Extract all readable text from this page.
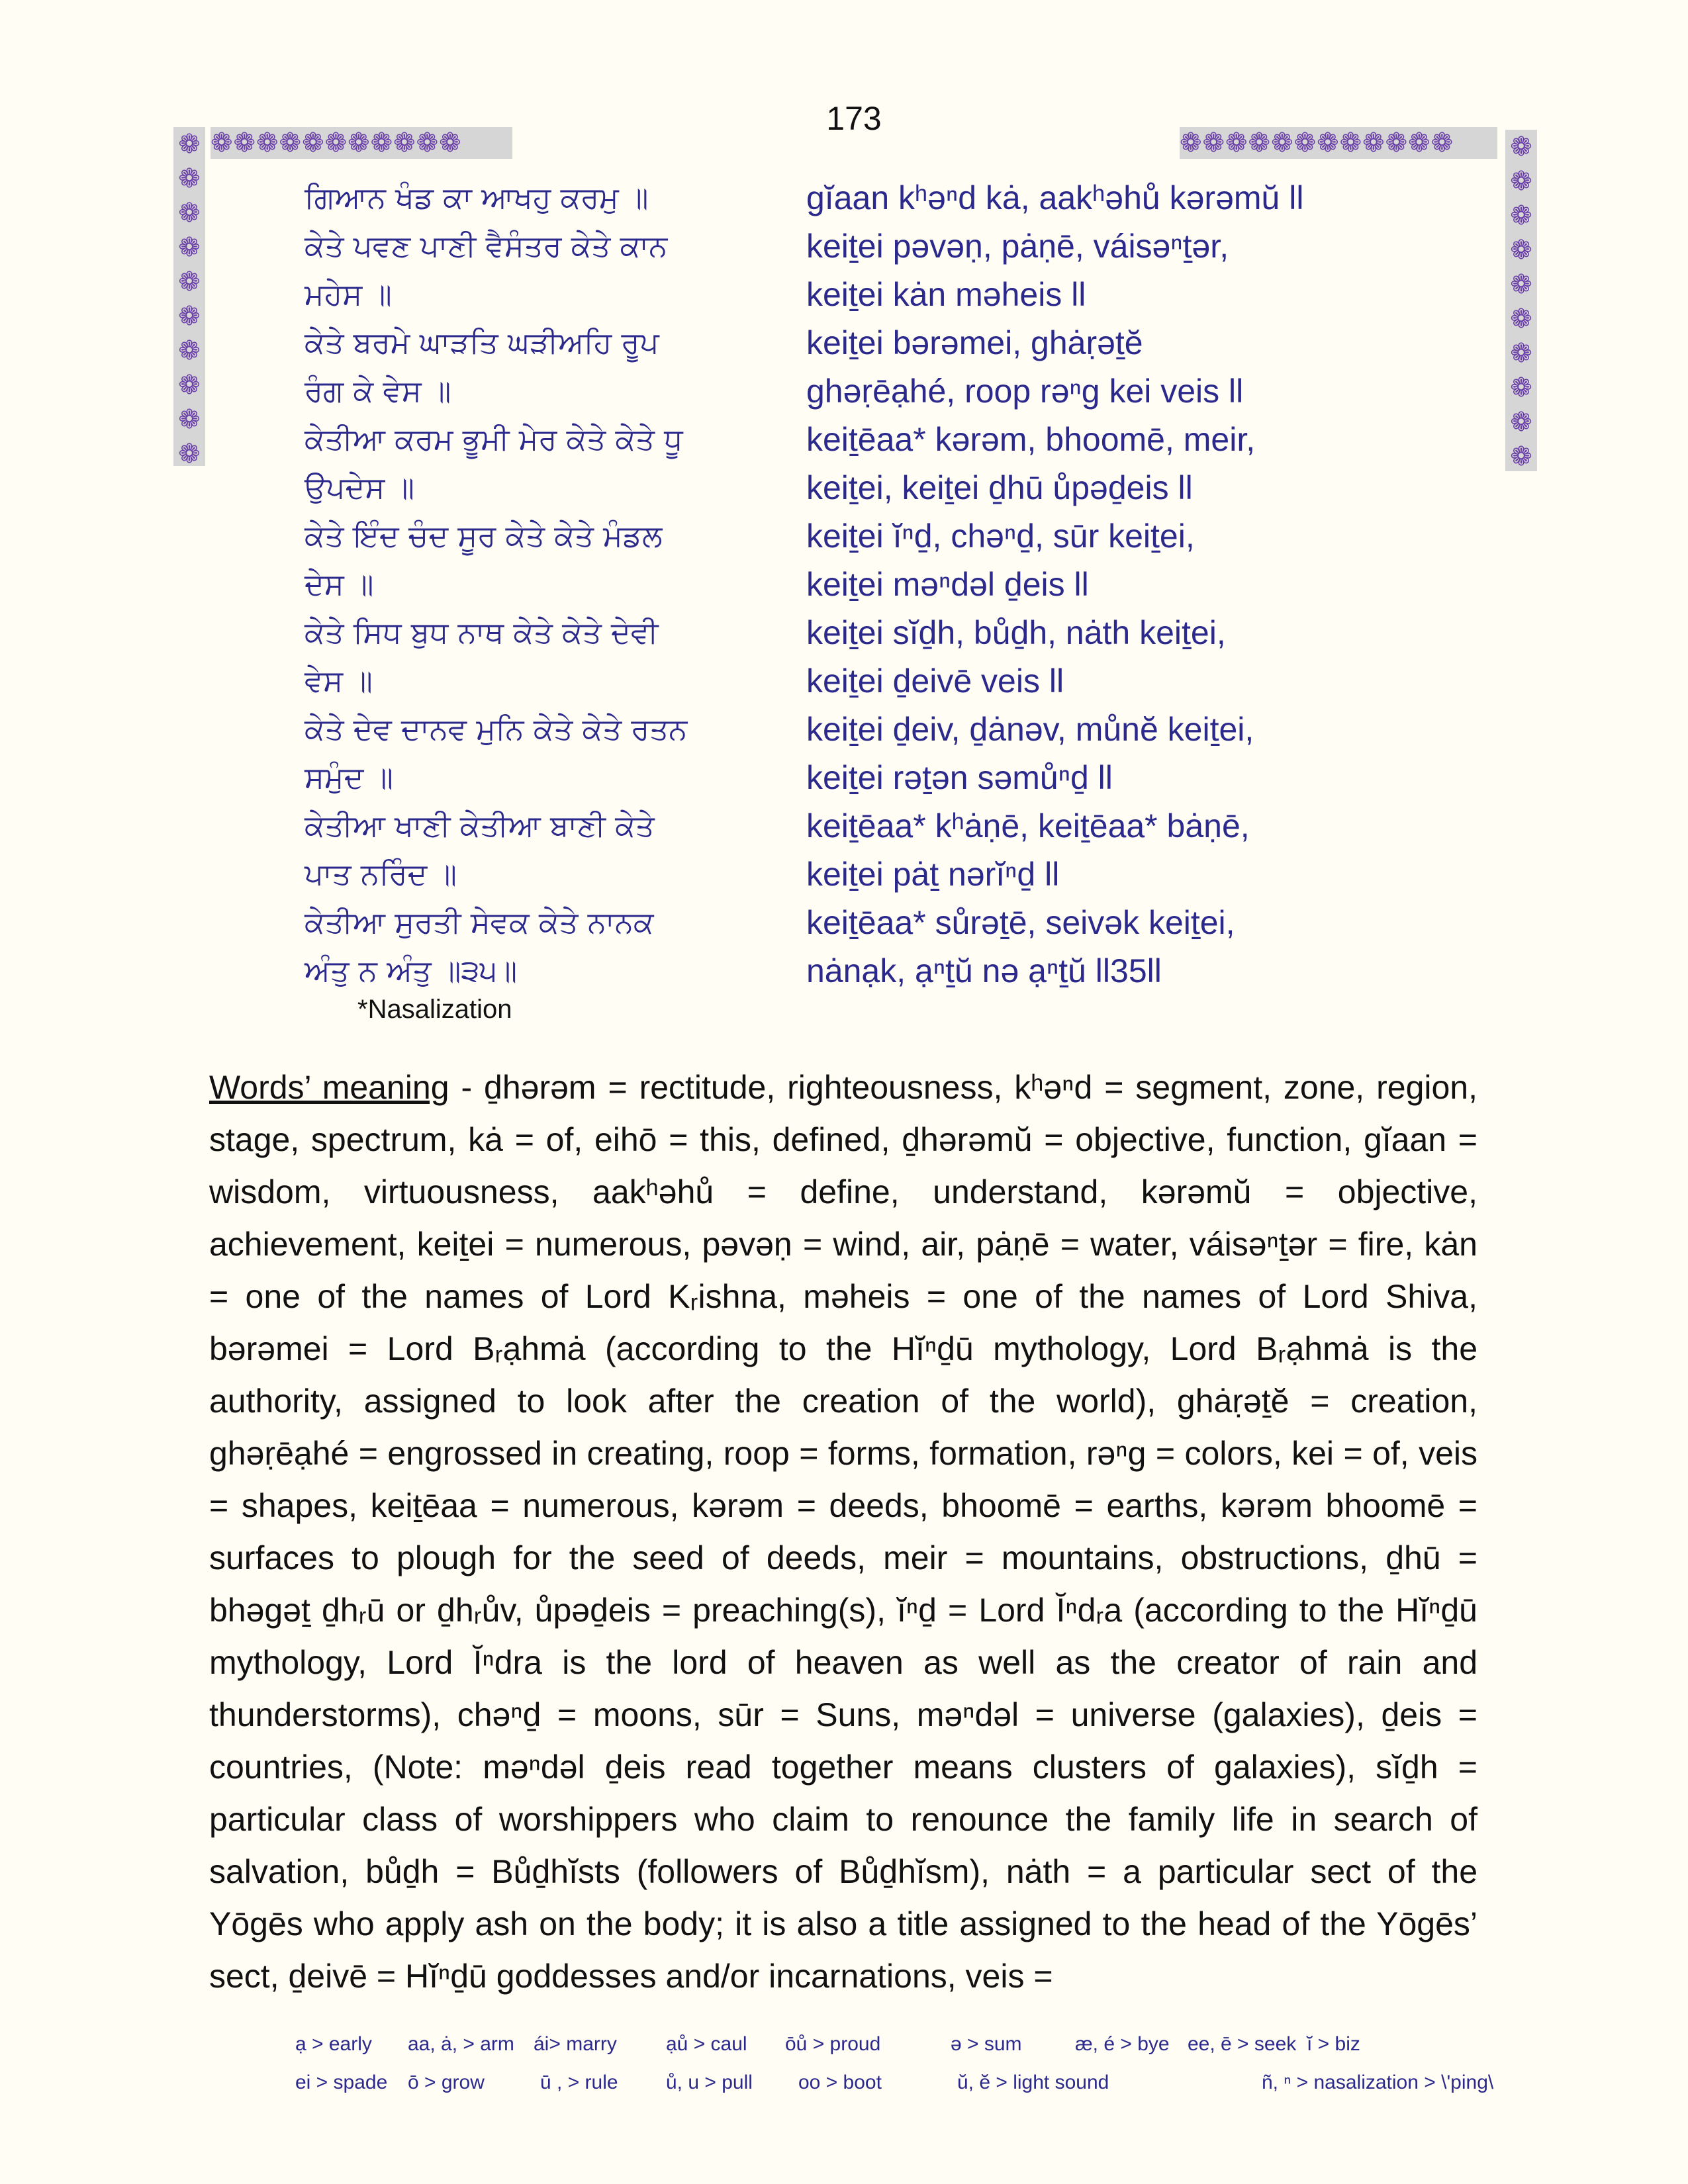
173
❁❁❁❁❁❁❁❁❁❁❁
❁
❁
❁
❁
❁
❁
❁
❁
❁
❁
❁❁❁❁❁❁❁❁❁❁❁❁	❁
❁
❁
❁
❁
❁
❁
❁
❁
❁
ਗਿਆਨ ਖੰਡ ਕਾ ਆਖਹੁ ਕਰਮੁ ॥	gĭaan kʰəⁿd kȧ, aakʰəhů kərəmŭ ll
ਕੇਤੇ ਪਵਣ ਪਾਣੀ ਵੈਸੰਤਰ ਕੇਤੇ ਕਾਨ	keiṯei pəvəṇ, pȧṇē, váisəⁿṯər,
ਮਹੇਸ ॥	keiṯei kȧn məheis ll
ਕੇਤੇ ਬਰਮੇ ਘਾੜਤਿ ਘੜੀਅਹਿ ਰੂਪ	keiṯei bərəmei, ghȧṛəṯĕ
ਰੰਗ ਕੇ ਵੇਸ ॥	ghəṛēạhé, roop rəⁿg kei veis ll
ਕੇਤੀਆ ਕਰਮ ਭੂਮੀ ਮੇਰ ਕੇਤੇ ਕੇਤੇ ਧੂ	keiṯēaa* kərəm, bhoomē, meir,
ਉਪਦੇਸ ॥	keiṯei, keiṯei ḏhū ůpəḏeis ll
ਕੇਤੇ ਇੰਦ ਚੰਦ ਸੂਰ ਕੇਤੇ ਕੇਤੇ ਮੰਡਲ	keiṯei ĭⁿḏ, chəⁿḏ, sūr keiṯei,
ਦੇਸ ॥	keiṯei məⁿdəl ḏeis ll
ਕੇਤੇ ਸਿਧ ਬੁਧ ਨਾਥ ਕੇਤੇ ਕੇਤੇ ਦੇਵੀ	keiṯei sĭḏh, bůḏh, nȧth keiṯei,
ਵੇਸ ॥	keiṯei ḏeivē veis ll
ਕੇਤੇ ਦੇਵ ਦਾਨਵ ਮੁਨਿ ਕੇਤੇ ਕੇਤੇ ਰਤਨ	keiṯei ḏeiv, ḏȧnəv, můnĕ keiṯei,
ਸਮੁੰਦ ॥	keiṯei rəṯən səmůⁿḏ ll
ਕੇਤੀਆ ਖਾਣੀ ਕੇਤੀਆ ਬਾਣੀ ਕੇਤੇ	keiṯēaa* kʰȧṇē, keiṯēaa* bȧṇē,
ਪਾਤ ਨਰਿੰਦ ॥	keiṯei pȧṯ nərĭⁿḏ ll
ਕੇਤੀਆ ਸੁਰਤੀ ਸੇਵਕ ਕੇਤੇ ਨਾਨਕ	keiṯēaa* sůrəṯē, seivək keiṯei,
ਅੰਤੁ ਨ ਅੰਤੁ ॥੩੫॥	nȧnạk, ạⁿṯŭ nə ạⁿṯŭ ll35ll
*Nasalization
Words’ meaning - ḏhərəm = rectitude, righteousness, kʰəⁿd = segment, zone, region, stage, spectrum, kȧ = of, eihō = this, defined, ḏhərəmŭ = objective, function, gĭaan = wisdom, virtuousness, aakʰəhů = define, understand, kərəmŭ = objective, achievement, keiṯei = numerous, pəvəṇ = wind, air, pȧṇē = water, váisəⁿṯər = fire, kȧn = one of the names of Lord Kᵣishna, məheis = one of the names of Lord Shiva, bərəmei = Lord Bᵣạhmȧ (according to the Hĭⁿḏū mythology, Lord Bᵣạhmȧ is the authority, assigned to look after the creation of the world), ghȧṛəṯĕ = creation, ghəṛēạhé = engrossed in creating, roop = forms, formation, rəⁿg = colors, kei = of, veis = shapes, keiṯēaa = numerous, kərəm = deeds, bhoomē = earths, kərəm bhoomē = surfaces to plough for the seed of deeds, meir = mountains, obstructions, ḏhū = bhəgəṯ ḏhᵣū or ḏhᵣův, ůpəḏeis = preaching(s), ĭⁿḏ = Lord Ĭⁿdᵣa (according to the Hĭⁿḏū mythology, Lord Ĭⁿdra is the lord of heaven as well as the creator of rain and thunderstorms), chəⁿḏ = moons, sūr = Suns, məⁿdəl = universe (galaxies), ḏeis = countries, (Note: məⁿdəl ḏeis read together means clusters of galaxies), sĭḏh = particular class of worshippers who claim to renounce the family life in search of salvation, bůḏh = Bůḏhĭsts (followers of Bůḏhĭsm), nȧth = a particular sect of the Yōgēs who apply ash on the body; it is also a title assigned to the head of the Yōgēs’ sect, ḏeivē = Hĭⁿḏū goddesses and/or incarnations, veis =
ạ > early	aa, ȧ, > arm ái> marry	ạů > caul	ōů > proud	ə > sum	æ, é > bye ee, ē > seek ĭ > biz
ei > spade	ō > grow	ū , > rule	ů, u > pull	oo > boot	ŭ, ĕ > light sound	ñ, ⁿ > nasalization > \'ping\
